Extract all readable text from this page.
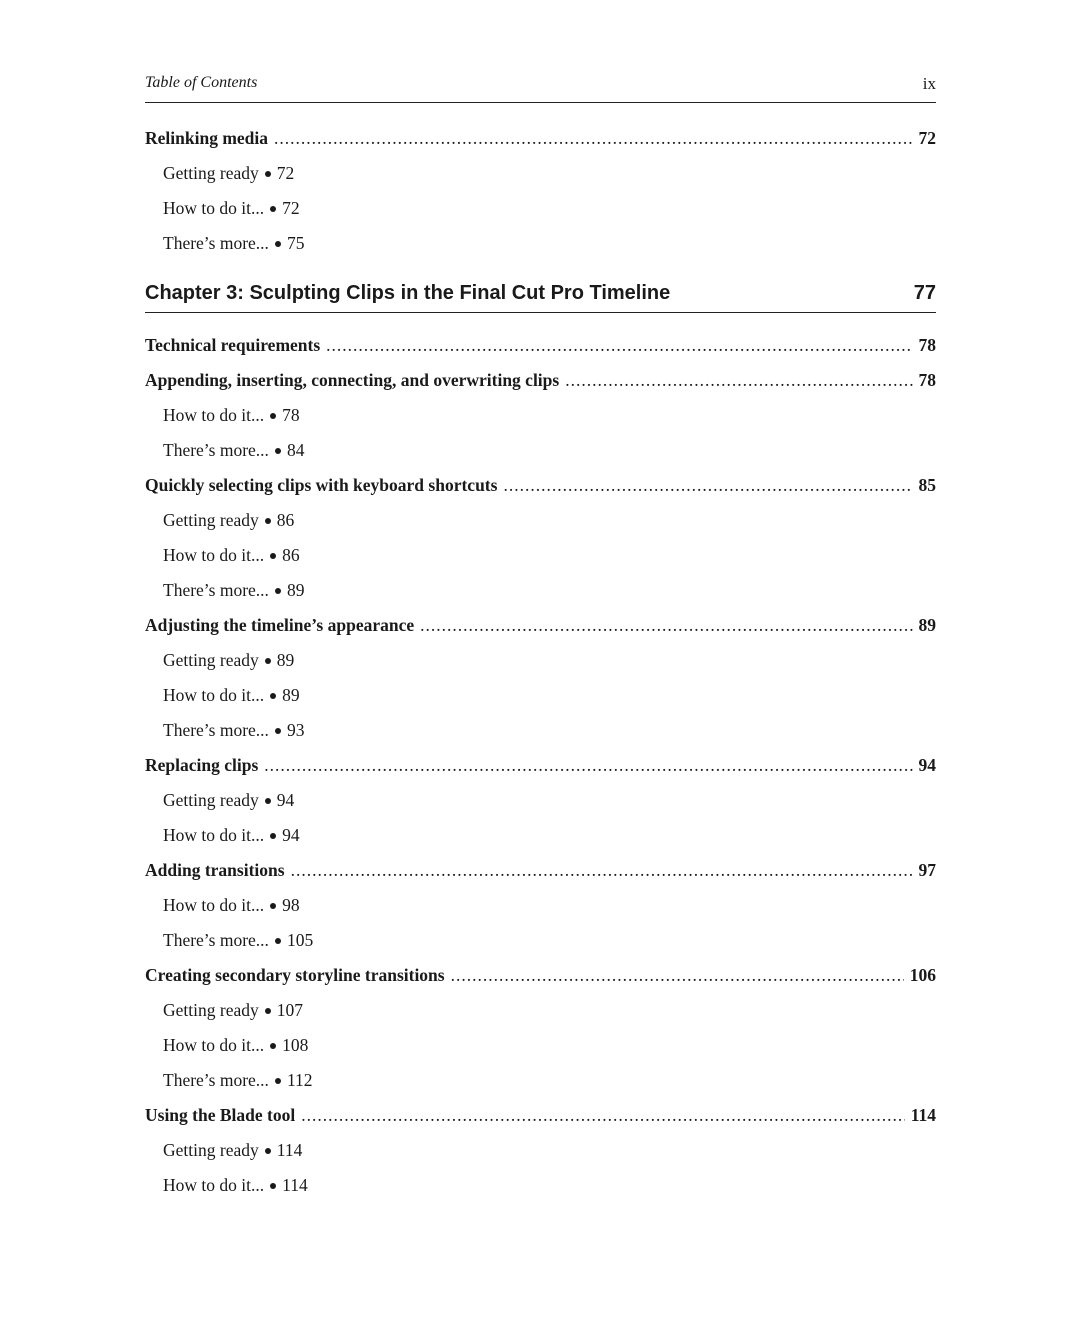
Table of Contents	ix
Relinking media .....	72
Getting ready 72
How to do it... 72
There’s more... 75
Chapter 3: Sculpting Clips in the Final Cut Pro Timeline	77
Technical requirements .....	78
Appending, inserting, connecting, and overwriting clips .....	78
How to do it... 78
There’s more... 84
Quickly selecting clips with keyboard shortcuts .....	85
Getting ready 86
How to do it... 86
There’s more... 89
Adjusting the timeline’s appearance .....	89
Getting ready 89
How to do it... 89
There’s more... 93
Replacing clips .....	94
Getting ready 94
How to do it... 94
Adding transitions .....	97
How to do it... 98
There’s more... 105
Creating secondary storyline transitions .....	106
Getting ready 107
How to do it... 108
There’s more... 112
Using the Blade tool .....	114
Getting ready 114
How to do it... 114
